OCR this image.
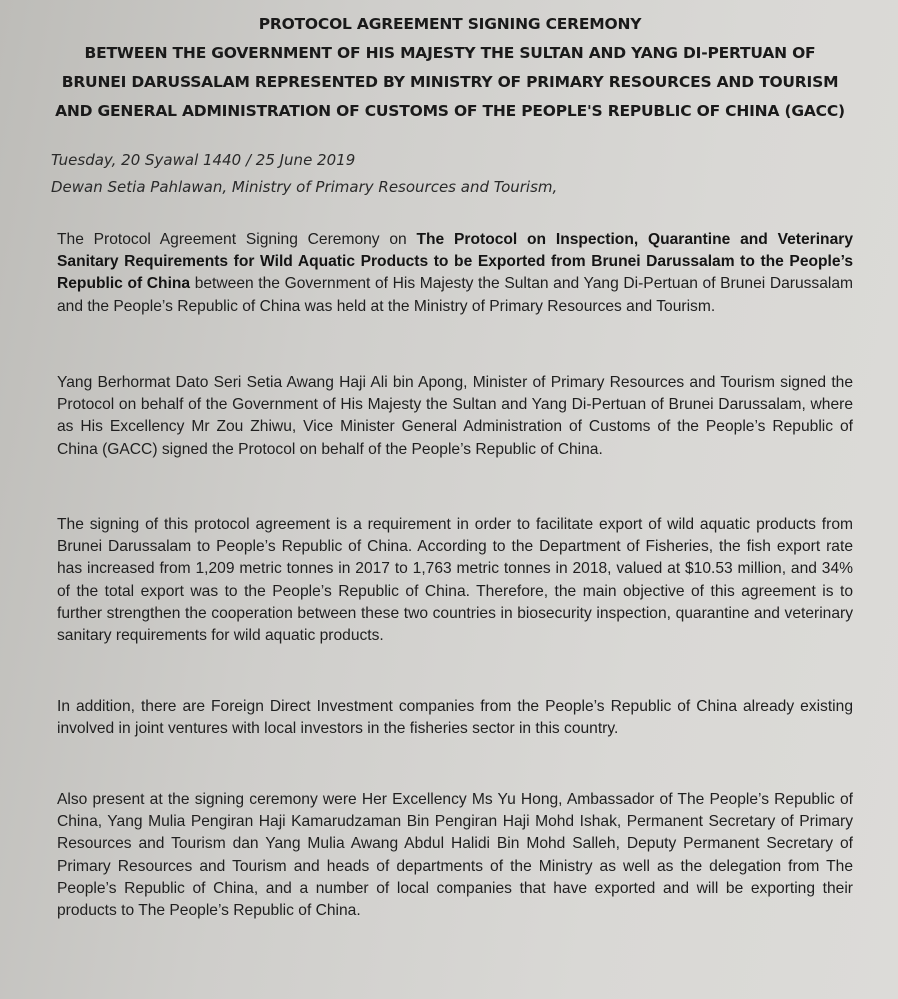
PROTOCOL AGREEMENT SIGNING CEREMONY
BETWEEN THE GOVERNMENT OF HIS MAJESTY THE SULTAN AND YANG DI-PERTUAN OF
BRUNEI DARUSSALAM REPRESENTED BY MINISTRY OF PRIMARY RESOURCES AND TOURISM
AND GENERAL ADMINISTRATION OF CUSTOMS OF THE PEOPLE'S REPUBLIC OF CHINA (GACC)
Tuesday, 20 Syawal 1440 / 25 June 2019
Dewan Setia Pahlawan, Ministry of Primary Resources and Tourism,

The Protocol Agreement Signing Ceremony on The Protocol on Inspection, Quarantine and Veterinary Sanitary Requirements for Wild Aquatic Products to be Exported from Brunei Darussalam to the People’s Republic of China between the Government of His Majesty the Sultan and Yang Di-Pertuan of Brunei Darussalam and the People’s Republic of China was held at the Ministry of Primary Resources and Tourism.

Yang Berhormat Dato Seri Setia Awang Haji Ali bin Apong, Minister of Primary Resources and Tourism signed the Protocol on behalf of the Government of His Majesty the Sultan and Yang Di-Pertuan of Brunei Darussalam, where as His Excellency Mr Zou Zhiwu, Vice Minister General Administration of Customs of the People’s Republic of China (GACC) signed the Protocol on behalf of the People’s Republic of China.

The signing of this protocol agreement is a requirement in order to facilitate export of wild aquatic products from Brunei Darussalam to People’s Republic of China. According to the Department of Fisheries, the fish export rate has increased from 1,209 metric tonnes in 2017 to 1,763 metric tonnes in 2018, valued at $10.53 million, and 34% of the total export was to the People’s Republic of China. Therefore, the main objective of this agreement is to further strengthen the cooperation between these two countries in biosecurity inspection, quarantine and veterinary sanitary requirements for wild aquatic products.

In addition, there are Foreign Direct Investment companies from the People’s Republic of China already existing involved in joint ventures with local investors in the fisheries sector in this country.

Also present at the signing ceremony were Her Excellency Ms Yu Hong, Ambassador of The People’s Republic of China, Yang Mulia Pengiran Haji Kamarudzaman Bin Pengiran Haji Mohd Ishak, Permanent Secretary of Primary Resources and Tourism dan Yang Mulia Awang Abdul Halidi Bin Mohd Salleh, Deputy Permanent Secretary of Primary Resources and Tourism and heads of departments of the Ministry as well as the delegation from The People’s Republic of China, and a number of local companies that have exported and will be exporting their products to The People’s Republic of China.
